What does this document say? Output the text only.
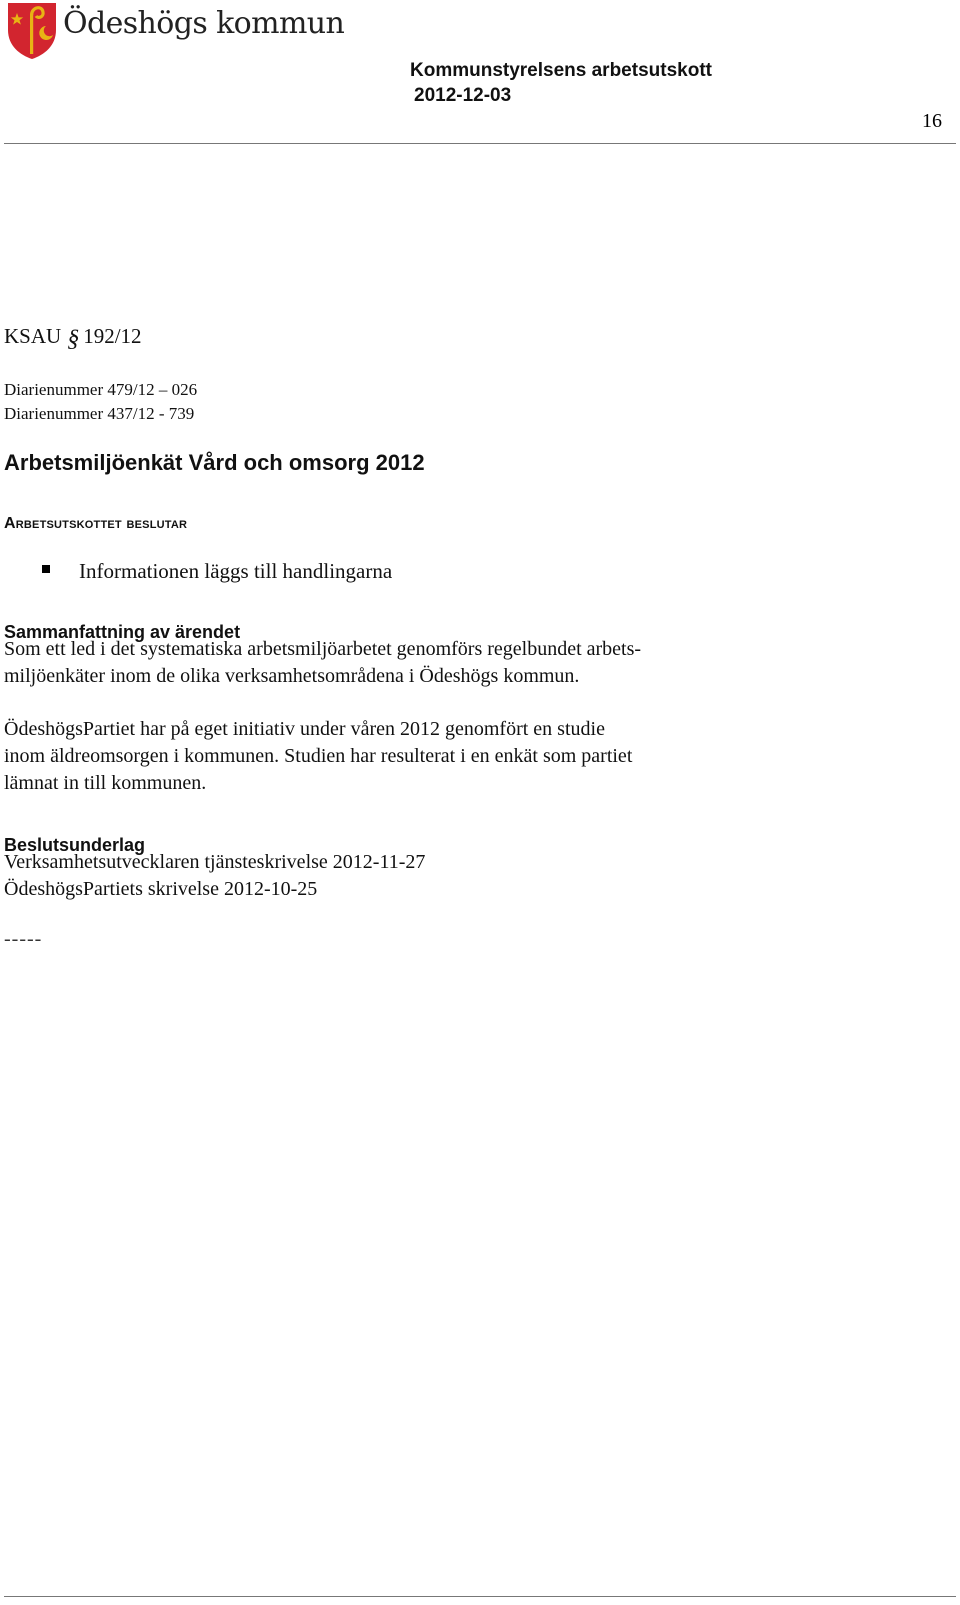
Ödeshögs kommun
Kommunstyrelsens arbetsutskott
2012-12-03
16
KSAU § 192/12
Diarienummer 479/12 – 026
Diarienummer 437/12 - 739
Arbetsmiljöenkät Vård och omsorg 2012
Arbetsutskottet beslutar
Informationen läggs till handlingarna
Sammanfattning av ärendet

Som ett led i det systematiska arbetsmiljöarbetet genomförs regelbundet arbets-
miljöenkäter inom de olika verksamhetsområdena i Ödeshögs kommun.

ÖdeshögsPartiet har på eget initiativ under våren 2012 genomfört en studie
inom äldreomsorgen i kommunen. Studien har resulterat i en enkät som partiet
lämnat in till kommunen.

Beslutsunderlag

Verksamhetsutvecklaren tjänsteskrivelse 2012-11-27
ÖdeshögsPartiets skrivelse 2012-10-25

-----
